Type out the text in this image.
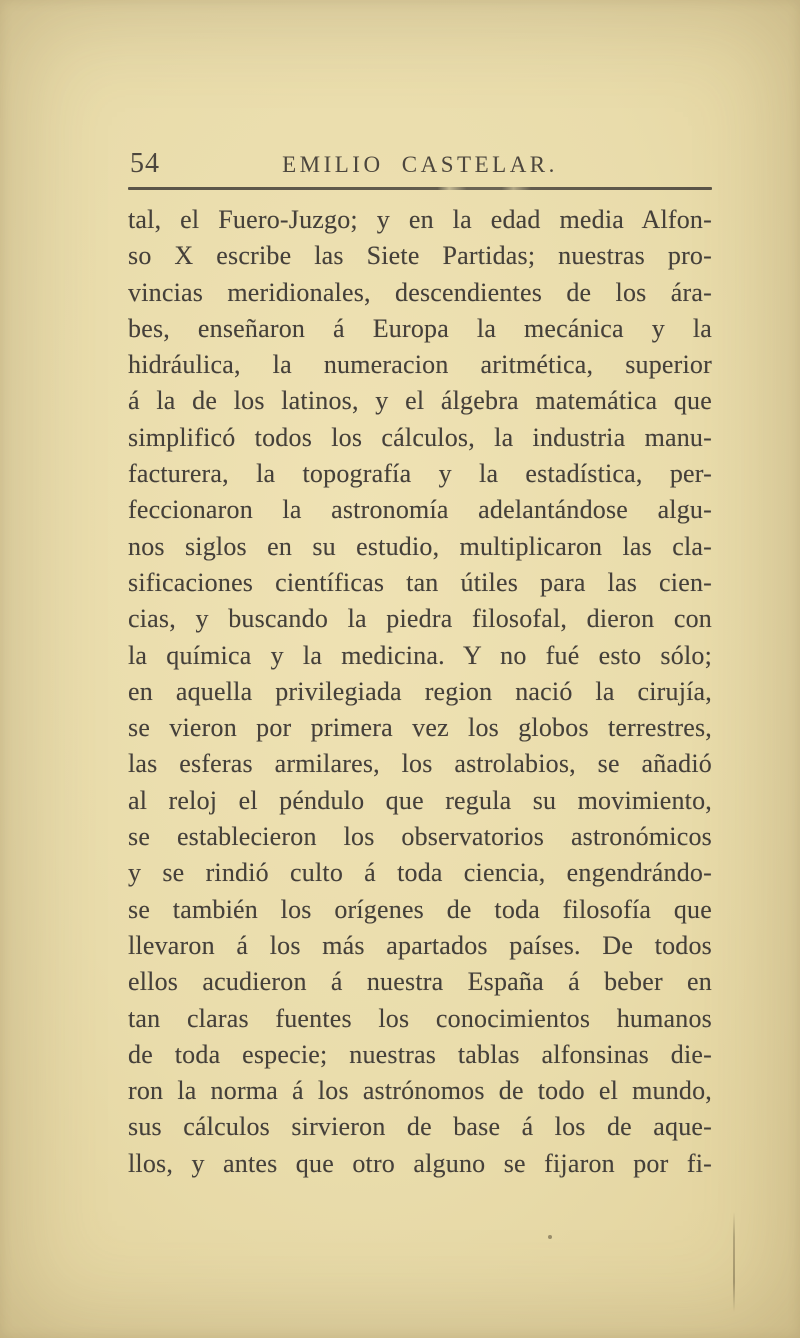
54	EMILIO CASTELAR.
tal, el Fuero-Juzgo; y en la edad media Alfon-
so X escribe las Siete Partidas; nuestras pro-
vincias meridionales, descendientes de los ára-
bes, enseñaron á Europa la mecánica y la
hidráulica, la numeracion aritmética, superior
á la de los latinos, y el álgebra matemática que
simplificó todos los cálculos, la industria manu-
facturera, la topografía y la estadística, per-
feccionaron la astronomía adelantándose algu-
nos siglos en su estudio, multiplicaron las cla-
sificaciones científicas tan útiles para las cien-
cias, y buscando la piedra filosofal, dieron con
la química y la medicina. Y no fué esto sólo;
en aquella privilegiada region nació la cirujía,
se vieron por primera vez los globos terrestres,
las esferas armilares, los astrolabios, se añadió
al reloj el péndulo que regula su movimiento,
se establecieron los observatorios astronómicos
y se rindió culto á toda ciencia, engendrándo-
se también los orígenes de toda filosofía que
llevaron á los más apartados países. De todos
ellos acudieron á nuestra España á beber en
tan claras fuentes los conocimientos humanos
de toda especie; nuestras tablas alfonsinas die-
ron la norma á los astrónomos de todo el mundo,
sus cálculos sirvieron de base á los de aque-
llos, y antes que otro alguno se fijaron por fi-
